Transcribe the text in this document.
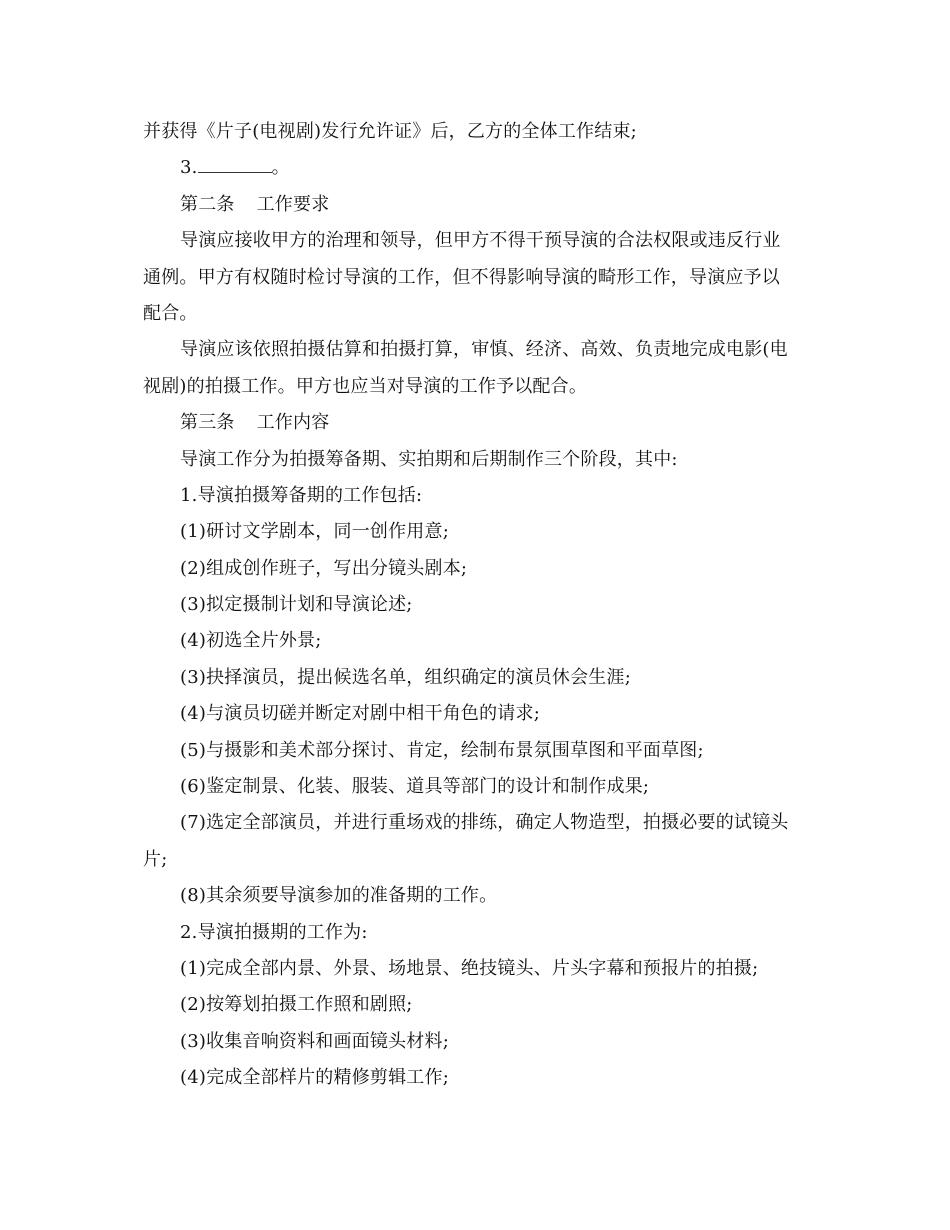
并获得《片子(电视剧)发行允许证》后，乙方的全体工作结束;
3.	。
第二条 工作要求
导演应接收甲方的治理和领导，但甲方不得干预导演的合法权限或违反行业
通例。甲方有权随时检讨导演的工作，但不得影响导演的畸形工作，导演应予以
配合。
导演应该依照拍摄估算和拍摄打算，审慎、经济、高效、负责地完成电影(电
视剧)的拍摄工作。甲方也应当对导演的工作予以配合。
第三条 工作内容
导演工作分为拍摄筹备期、实拍期和后期制作三个阶段，其中:
1.导演拍摄筹备期的工作包括:
(1)研讨文学剧本，同一创作用意;
(2)组成创作班子，写出分镜头剧本;
(3)拟定摄制计划和导演论述;
(4)初选全片外景;
(3)抉择演员，提出候选名单，组织确定的演员休会生涯;
(4)与演员切磋并断定对剧中相干角色的请求;
(5)与摄影和美术部分探讨、肯定，绘制布景氛围草图和平面草图;
(6)鉴定制景、化装、服装、道具等部门的设计和制作成果;
(7)选定全部演员，并进行重场戏的排练，确定人物造型，拍摄必要的试镜头
片;
(8)其余须要导演参加的准备期的工作。
2.导演拍摄期的工作为:
(1)完成全部内景、外景、场地景、绝技镜头、片头字幕和预报片的拍摄;
(2)按筹划拍摄工作照和剧照;
(3)收集音响资料和画面镜头材料;
(4)完成全部样片的精修剪辑工作;
